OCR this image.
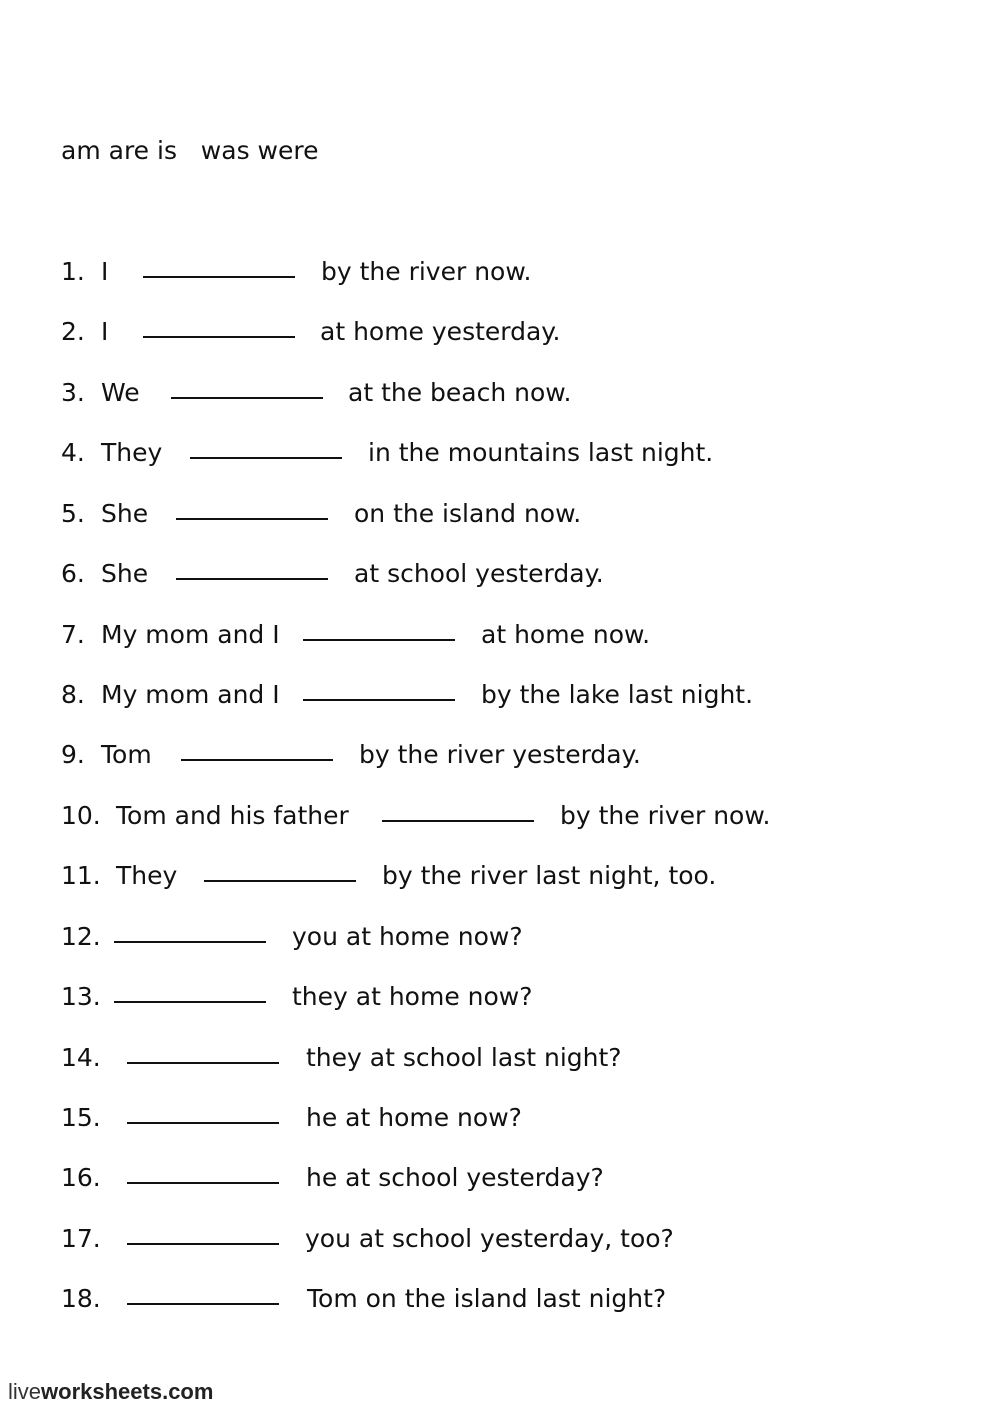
am are is   was were
1. I	by the river now.
2. I	at home yesterday.
3. We	at the beach now.
4. They	in the mountains last night.
5. She	on the island now.
6. She	at school yesterday.
7. My mom and I	at home now.
8. My mom and I	by the lake last night.
9. Tom	by the river yesterday.
10. Tom and his father	by the river now.
11. They	by the river last night, too.
12.	you at home now?
13.	they at home now?
14.	they at school last night?
15.	he at home now?
16.	he at school yesterday?
17.	you at school yesterday, too?
18.	Tom on the island last night?
liveworksheets.com
